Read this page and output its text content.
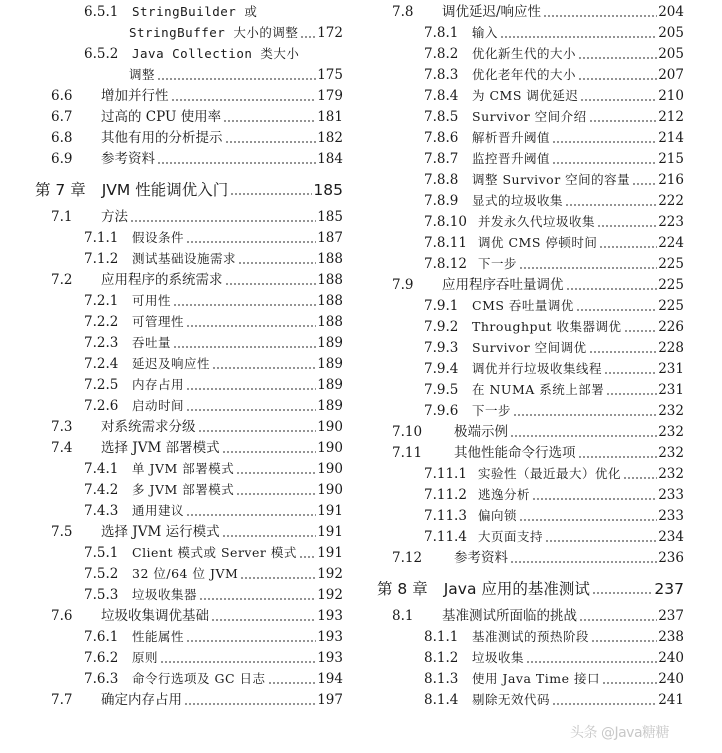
6.5.1	StringBuilder 或
StringBuffer 大小的调整 172
6.5.2	Java Collection 类大小
调整	175
6.6	增加并行性	179
6.7	过高的 CPU 使用率	181
6.8	其他有用的分析提示	182
6.9	参考资料	184
第 7 章 JVM 性能调优入门	185
7.1	方法	185
7.1.1	假设条件	187
7.1.2	测试基础设施需求	188
7.2	应用程序的系统需求	188
7.2.1	可用性	188
7.2.2	可管理性	188
7.2.3	吞吐量	189
7.2.4	延迟及响应性	189
7.2.5	内存占用	189
7.2.6	启动时间	189
7.3	对系统需求分级	190
7.4	选择 JVM 部署模式	190
7.4.1	单 JVM 部署模式	190
7.4.2	多 JVM 部署模式	190
7.4.3	通用建议	191
7.5	选择 JVM 运行模式	191
7.5.1	Client 模式或 Server 模式 191
7.5.2	32 位/64 位 JVM	192
7.5.3	垃圾收集器	192
7.6	垃圾收集调优基础	193
7.6.1	性能属性	193
7.6.2	原则	193
7.6.3	命令行选项及 GC 日志	194
7.7	确定内存占用	197
7.8	调优延迟/响应性	204
7.8.1	输入	205
7.8.2	优化新生代的大小	205
7.8.3	优化老年代的大小	207
7.8.4	为 CMS 调优延迟	210
7.8.5	Survivor 空间介绍	212
7.8.6	解析晋升阈值	214
7.8.7	监控晋升阈值	215
7.8.8	调整 Survivor 空间的容量 216
7.8.9	显式的垃圾收集	222
7.8.10 并发永久代垃圾收集	223
7.8.11 调优 CMS 停顿时间	224
7.8.12 下一步	225
7.9	应用程序吞吐量调优	225
7.9.1	CMS 吞吐量调优	225
7.9.2	Throughput 收集器调优	226
7.9.3	Survivor 空间调优	228
7.9.4	调优并行垃圾收集线程	231
7.9.5	在 NUMA 系统上部署	231
7.9.6	下一步	232
7.10	极端示例	232
7.11	其他性能命令行选项	232
7.11.1 实验性（最近最大）优化	232
7.11.2 逃逸分析	233
7.11.3 偏向锁	233
7.11.4 大页面支持	234
7.12	参考资料	236
第 8 章 Java 应用的基准测试	237
8.1	基准测试所面临的挑战	237
8.1.1	基准测试的预热阶段	238
8.1.2	垃圾收集	240
8.1.3	使用 Java Time 接口	240
8.1.4	剔除无效代码	241
头条 @Java糖糖
